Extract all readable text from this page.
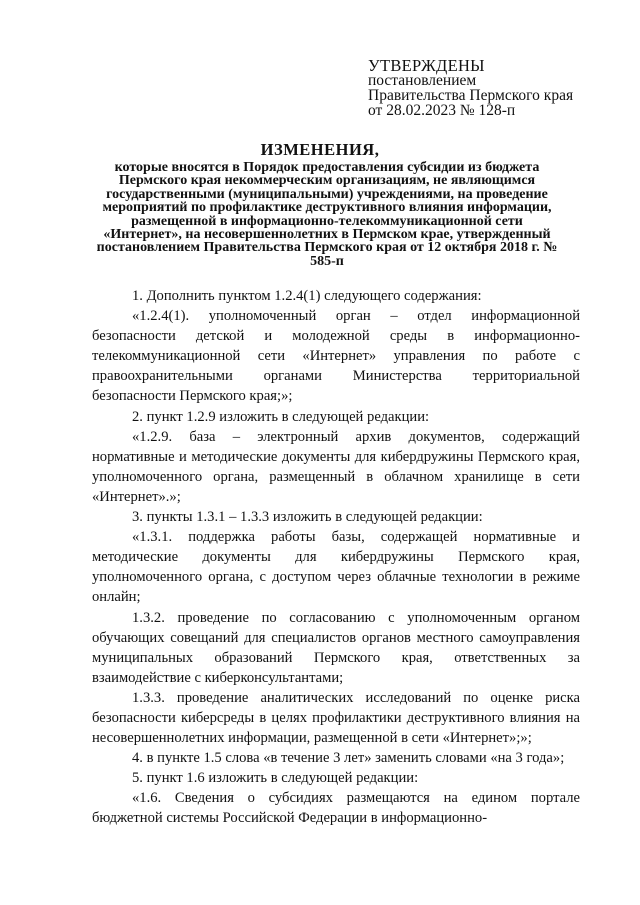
УТВЕРЖДЕНЫ
постановлением
Правительства Пермского края
от 28.02.2023 № 128-п
ИЗМЕНЕНИЯ,
которые вносятся в Порядок предоставления субсидии из бюджета Пермского края некоммерческим организациям, не являющимся государственными (муниципальными) учреждениями, на проведение мероприятий по профилактике деструктивного влияния информации, размещенной в информационно-телекоммуникационной сети «Интернет», на несовершеннолетних в Пермском крае, утвержденный постановлением Правительства Пермского края от 12 октября 2018 г. № 585-п

1. Дополнить пунктом 1.2.4(1) следующего содержания:

«1.2.4(1). уполномоченный орган – отдел информационной безопасности детской и молодежной среды в информационно-телекоммуникационной сети «Интернет» управления по работе с правоохранительными органами Министерства территориальной безопасности Пермского края;»;

2. пункт 1.2.9 изложить в следующей редакции:

«1.2.9. база – электронный архив документов, содержащий нормативные и методические документы для кибердружины Пермского края, уполномоченного органа, размещенный в облачном хранилище в сети «Интернет».»;

3. пункты 1.3.1 – 1.3.3 изложить в следующей редакции:

«1.3.1. поддержка работы базы, содержащей нормативные и методические документы для кибердружины Пермского края, уполномоченного органа, с доступом через облачные технологии в режиме онлайн;

1.3.2. проведение по согласованию с уполномоченным органом обучающих совещаний для специалистов органов местного самоуправления муниципальных образований Пермского края, ответственных за взаимодействие с киберконсультантами;

1.3.3. проведение аналитических исследований по оценке риска безопасности киберсреды в целях профилактики деструктивного влияния на несовершеннолетних информации, размещенной в сети «Интернет»;»;

4. в пункте 1.5 слова «в течение 3 лет» заменить словами «на 3 года»;

5. пункт 1.6 изложить в следующей редакции:

«1.6. Сведения о субсидиях размещаются на едином портале бюджетной системы Российской Федерации в информационно-
